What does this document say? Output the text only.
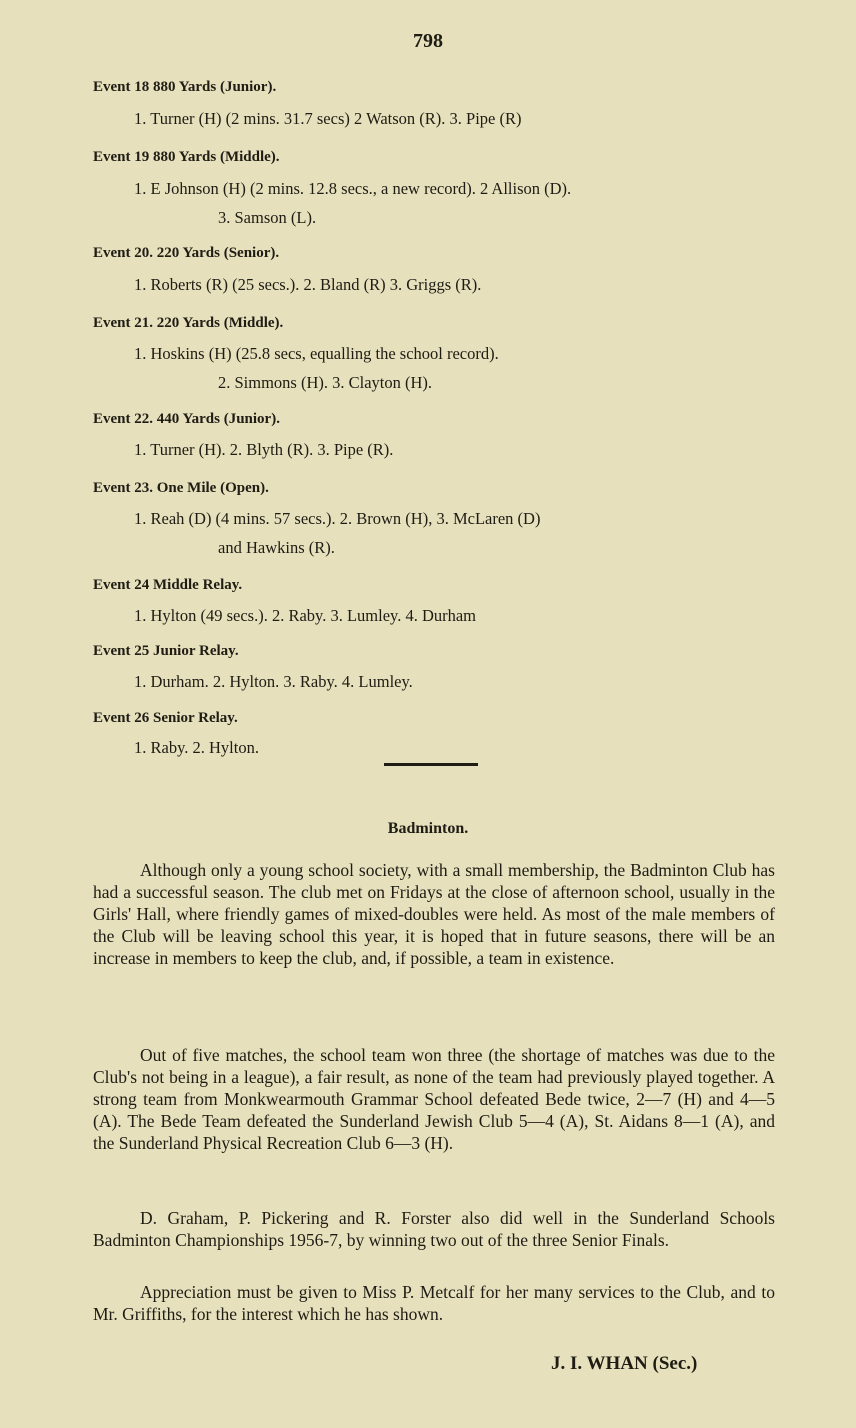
798
Event 18 880 Yards (Junior).
1. Turner (H) (2 mins. 31.7 secs) 2 Watson (R). 3. Pipe (R)
Event 19 880 Yards (Middle).
1. E Johnson (H) (2 mins. 12.8 secs., a new record). 2 Allison (D).
3. Samson (L).
Event 20. 220 Yards (Senior).
1. Roberts (R) (25 secs.). 2. Bland (R) 3. Griggs (R).
Event 21. 220 Yards (Middle).
1. Hoskins (H) (25.8 secs, equalling the school record).
2. Simmons (H). 3. Clayton (H).
Event 22. 440 Yards (Junior).
1. Turner (H). 2. Blyth (R). 3. Pipe (R).
Event 23. One Mile (Open).
1. Reah (D) (4 mins. 57 secs.). 2. Brown (H), 3. McLaren (D)
and Hawkins (R).
Event 24 Middle Relay.
1. Hylton (49 secs.). 2. Raby. 3. Lumley. 4. Durham
Event 25 Junior Relay.
1. Durham. 2. Hylton. 3. Raby. 4. Lumley.
Event 26 Senior Relay.
1. Raby. 2. Hylton.
Badminton.

Although only a young school society, with a small membership, the Badminton Club has had a successful season. The club met on Fridays at the close of afternoon school, usually in the Girls' Hall, where friendly games of mixed-doubles were held. As most of the male members of the Club will be leaving school this year, it is hoped that in future seasons, there will be an increase in members to keep the club, and, if possible, a team in existence.

Out of five matches, the school team won three (the shortage of matches was due to the Club's not being in a league), a fair result, as none of the team had previously played together. A strong team from Monkwearmouth Grammar School defeated Bede twice, 2—7 (H) and 4—5 (A). The Bede Team defeated the Sunderland Jewish Club 5—4 (A), St. Aidans 8—1 (A), and the Sunderland Physical Recreation Club 6—3 (H).

D. Graham, P. Pickering and R. Forster also did well in the Sunderland Schools Badminton Championships 1956-7, by winning two out of the three Senior Finals.

Appreciation must be given to Miss P. Metcalf for her many services to the Club, and to Mr. Griffiths, for the interest which he has shown.

J. I. WHAN (Sec.)
